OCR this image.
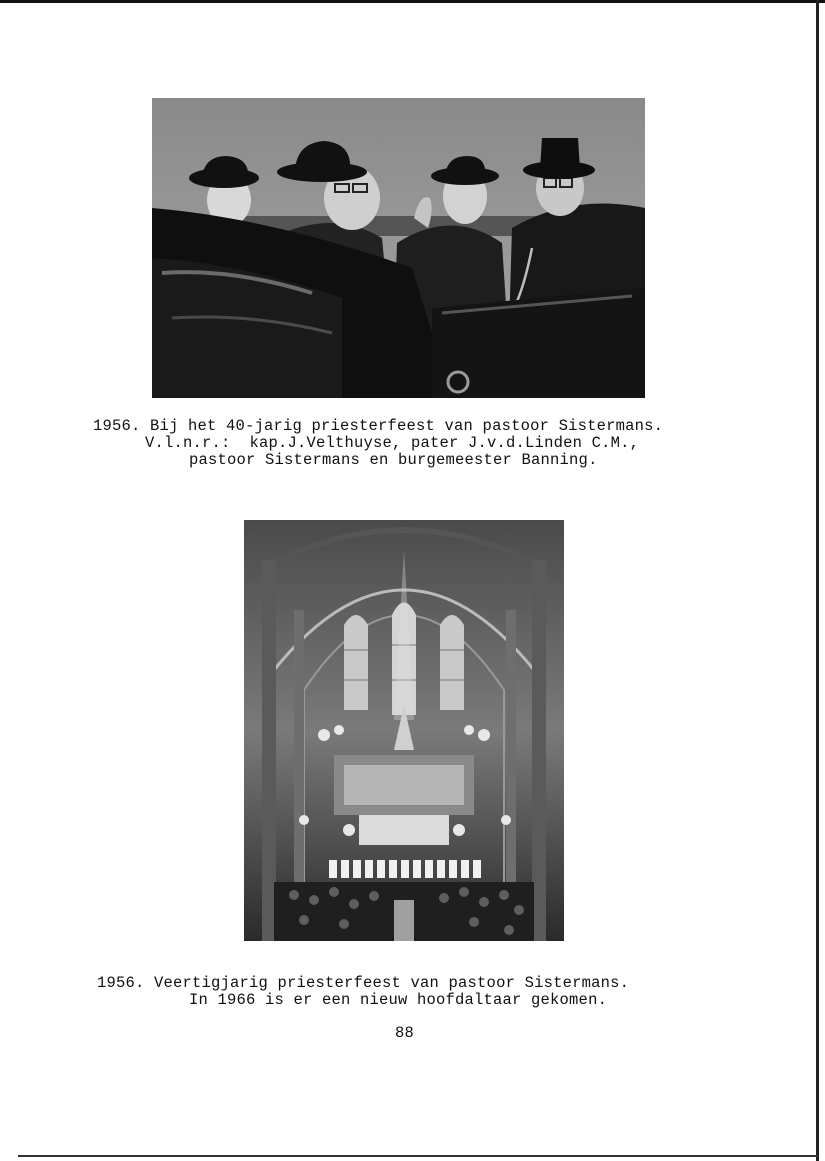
1956. Bij het 40-jarig priesterfeest van pastoor Sistermans.
V.l.n.r.:  kap.J.Velthuyse, pater J.v.d.Linden C.M.,
pastoor Sistermans en burgemeester Banning.
1956. Veertigjarig priesterfeest van pastoor Sistermans.
In 1966 is er een nieuw hoofdaltaar gekomen.
88
